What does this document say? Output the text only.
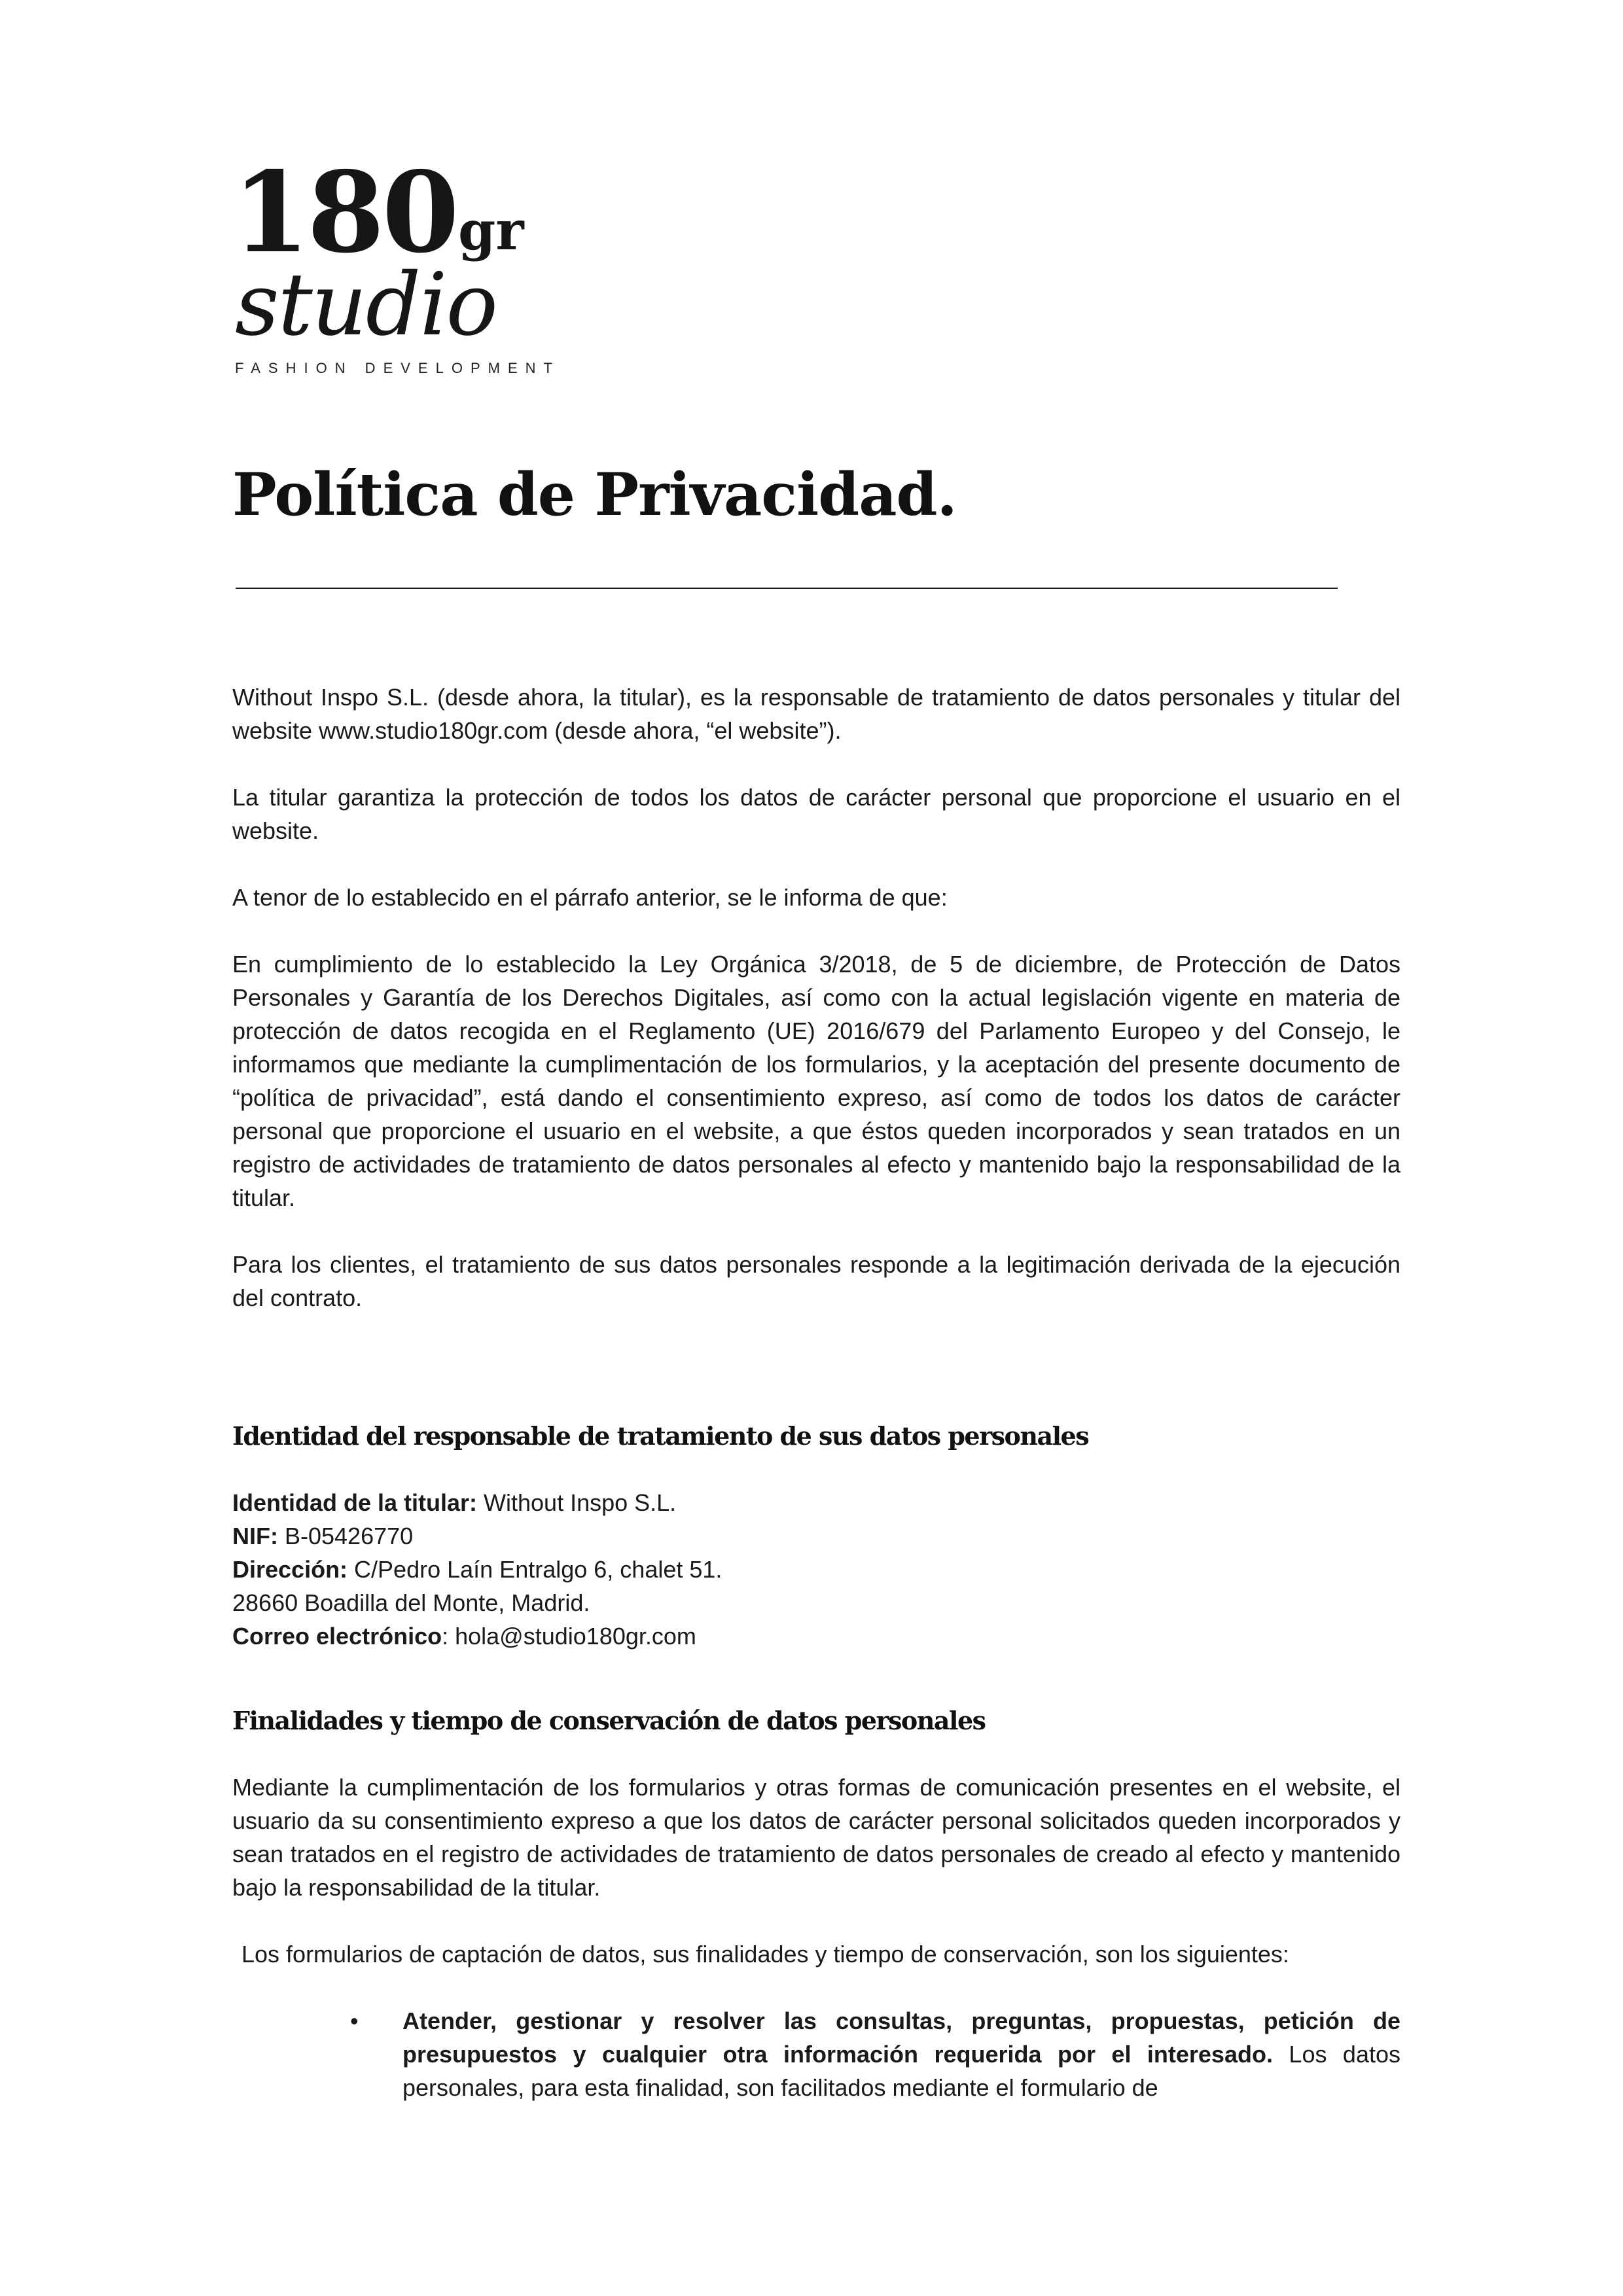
180 gr
studio
FASHION DEVELOPMENT
Política de Privacidad.

Without Inspo S.L. (desde ahora, la titular), es la responsable de tratamiento de datos personales y titular del website www.studio180gr.com (desde ahora, “el website”).

La titular garantiza la protección de todos los datos de carácter personal que proporcione el usuario en el website.

A tenor de lo establecido en el párrafo anterior, se le informa de que:

En cumplimiento de lo establecido la Ley Orgánica 3/2018, de 5 de diciembre, de Protección de Datos Personales y Garantía de los Derechos Digitales, así como con la actual legislación vigente en materia de protección de datos recogida en el Reglamento (UE) 2016/679 del Parlamento Europeo y del Consejo, le informamos que mediante la cumplimentación de los formularios, y la aceptación del presente documento de “política de privacidad”, está dando el consentimiento expreso, así como de todos los datos de carácter personal que proporcione el usuario en el website, a que éstos queden incorporados y sean tratados en un registro de actividades de tratamiento de datos personales al efecto y mantenido bajo la responsabilidad de la titular.

Para los clientes, el tratamiento de sus datos personales responde a la legitimación derivada de la ejecución del contrato.

Identidad del responsable de tratamiento de sus datos personales

Identidad de la titular: Without Inspo S.L.

NIF: B-05426770

Dirección: C/Pedro Laín Entralgo 6, chalet 51.

28660 Boadilla del Monte, Madrid.

Correo electrónico: hola@studio180gr.com

Finalidades y tiempo de conservación de datos personales

Mediante la cumplimentación de los formularios y otras formas de comunicación presentes en el website, el usuario da su consentimiento expreso a que los datos de carácter personal solicitados queden incorporados y sean tratados en el registro de actividades de tratamiento de datos personales de creado al efecto y mantenido bajo la responsabilidad de la titular.

Los formularios de captación de datos, sus finalidades y tiempo de conservación, son los siguientes:

• Atender, gestionar y resolver las consultas, preguntas, propuestas, petición de presupuestos y cualquier otra información requerida por el interesado. Los datos personales, para esta finalidad, son facilitados mediante el formulario de
